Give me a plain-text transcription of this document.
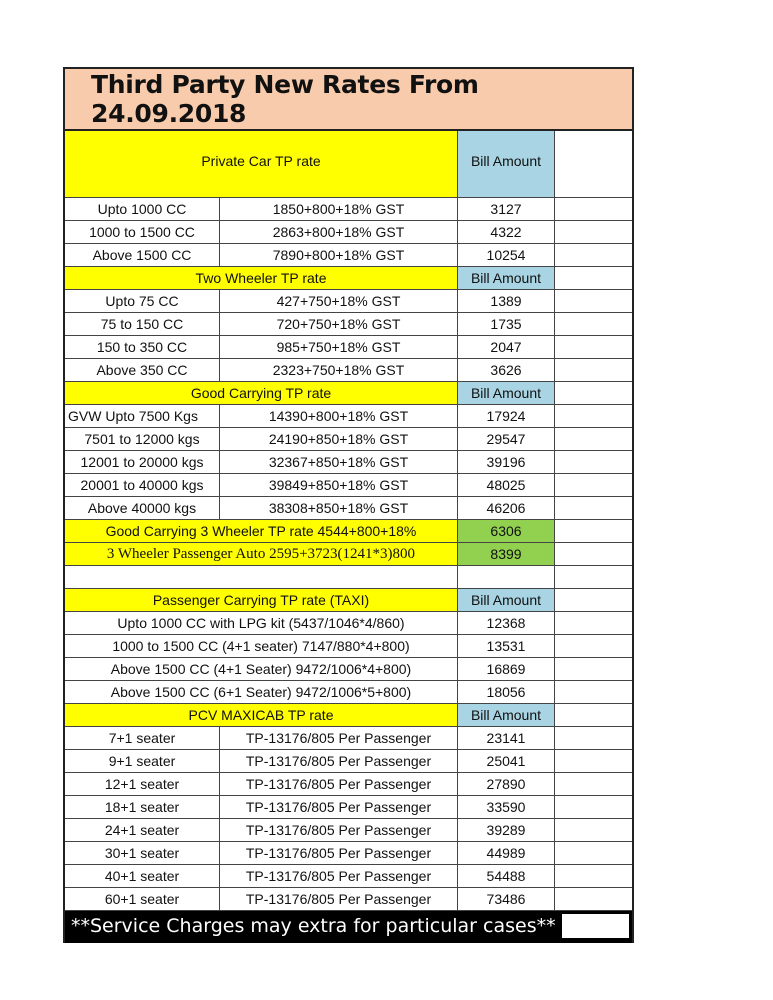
Third Party New Rates From 24.09.2018
Private Car TP rate	Bill Amount
Upto 1000 CC	1850+800+18% GST	3127
1000 to 1500 CC	2863+800+18% GST	4322
Above 1500 CC	7890+800+18% GST	10254
Two Wheeler TP rate	Bill Amount
Upto 75 CC	427+750+18% GST	1389
75 to 150 CC	720+750+18% GST	1735
150 to 350 CC	985+750+18% GST	2047
Above 350 CC	2323+750+18% GST	3626
Good Carrying TP rate	Bill Amount
GVW Upto 7500 Kgs	14390+800+18% GST	17924
7501 to 12000 kgs	24190+850+18% GST	29547
12001 to 20000 kgs	32367+850+18% GST	39196
20001 to 40000 kgs	39849+850+18% GST	48025
Above 40000 kgs	38308+850+18% GST	46206
Good Carrying 3 Wheeler TP rate 4544+800+18%	6306
3 Wheeler Passenger Auto 2595+3723(1241*3)800	8399
Passenger Carrying TP rate (TAXI)	Bill Amount
Upto 1000 CC with LPG kit (5437/1046*4/860)	12368
1000 to 1500 CC (4+1 seater) 7147/880*4+800)	13531
Above 1500 CC (4+1 Seater) 9472/1006*4+800)	16869
Above 1500 CC (6+1 Seater) 9472/1006*5+800)	18056
PCV MAXICAB TP rate	Bill Amount
7+1 seater	TP-13176/805 Per Passenger	23141
9+1 seater	TP-13176/805 Per Passenger	25041
12+1 seater	TP-13176/805 Per Passenger	27890
18+1 seater	TP-13176/805 Per Passenger	33590
24+1 seater	TP-13176/805 Per Passenger	39289
30+1 seater	TP-13176/805 Per Passenger	44989
40+1 seater	TP-13176/805 Per Passenger	54488
60+1 seater	TP-13176/805 Per Passenger	73486
**Service Charges may extra for particular cases**
